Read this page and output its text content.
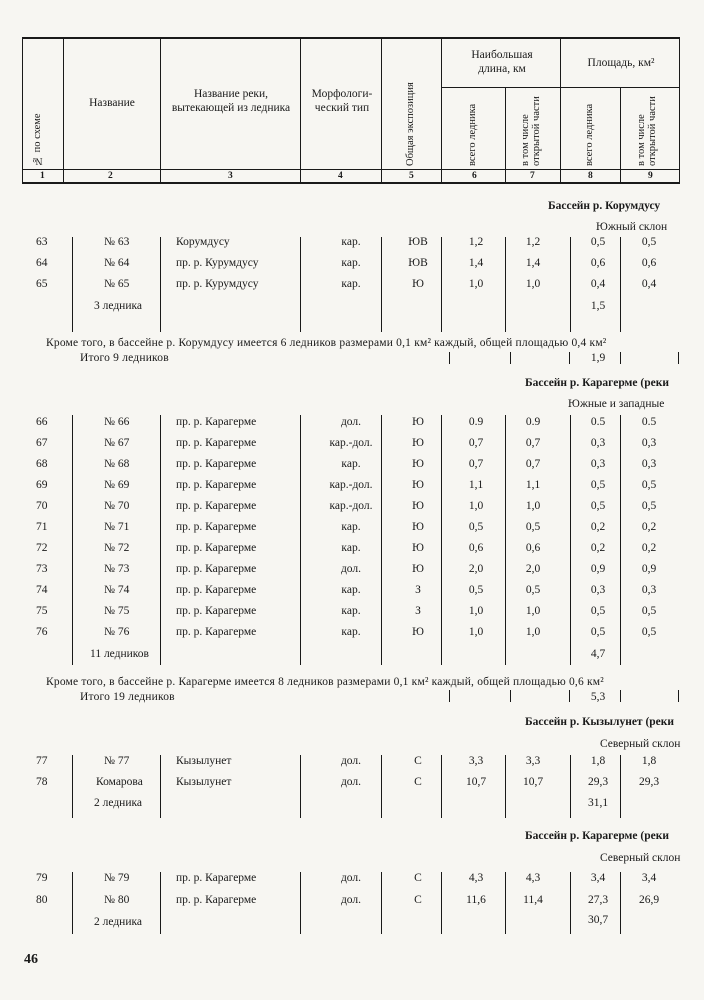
№ по схеме
Название
Название реки, вытекающей из ледника
Морфологи-ческий тип	Общая экспозиция
Наибольшая длина, км	Площадь, км²
всего ледника	в том числе открытой части	всего ледника	в том числе открытой части
1	2	3	4	5	6	7	8	9
Бассейн р. Корумдусу
Южный склон
63	№ 63	Корумдусу	кар.	ЮВ	1,2	1,2	0,5	0,5
64	№ 64	пр. р. Курумдусу	кар.	ЮВ	1,4	1,4	0,6	0,6
65	№ 65	пр. р. Курумдусу	кар.	Ю	1,0	1,0	0,4	0,4
3 ледника	1,5
Кроме того, в бассейне р. Корумдусу имеется 6 ледников размерами 0,1 км² каждый, общей площадью 0,4 км²
Итого 9 ледников	1,9
Бассейн р. Карагерме (реки
Южные и западные
66	№ 66	пр. р. Карагерме	дол.	Ю	0.9	0.9	0.5	0.5
67	№ 67	пр. р. Карагерме	кар.-дол.	Ю	0,7	0,7	0,3	0,3
68	№ 68	пр. р. Карагерме	кар.	Ю	0,7	0,7	0,3	0,3
69	№ 69	пр. р. Карагерме	кар.-дол.	Ю	1,1	1,1	0,5	0,5
70	№ 70	пр. р. Карагерме	кар.-дол.	Ю	1,0	1,0	0,5	0,5
71	№ 71	пр. р. Карагерме	кар.	Ю	0,5	0,5	0,2	0,2
72	№ 72	пр. р. Карагерме	кар.	Ю	0,6	0,6	0,2	0,2
73	№ 73	пр. р. Карагерме	дол.	Ю	2,0	2,0	0,9	0,9
74	№ 74	пр. р. Карагерме	кар.	З	0,5	0,5	0,3	0,3
75	№ 75	пр. р. Карагерме	кар.	З	1,0	1,0	0,5	0,5
76	№ 76	пр. р. Карагерме	кар.	Ю	1,0	1,0	0,5	0,5
11 ледников	4,7
Кроме того, в бассейне р. Карагерме имеется 8 ледников размерами 0,1 км² каждый, общей площадью 0,6 км²
Итого 19 ледников	5,3
Бассейн р. Кызылунет (реки
Северный склон
77	№ 77	Кызылунет	дол.	С	3,3	3,3	1,8	1,8
78	Комарова	Кызылунет	дол.	С	10,7	10,7	29,3	29,3
2 ледника	31,1
Бассейн р. Карагерме (реки
Северный склон
79	№ 79	пр. р. Карагерме	дол.	С	4,3	4,3	3,4	3,4
80	№ 80	пр. р. Карагерме	дол.	С	11,6	11,4	27,3	26,9
2 ледника	30,7
46
